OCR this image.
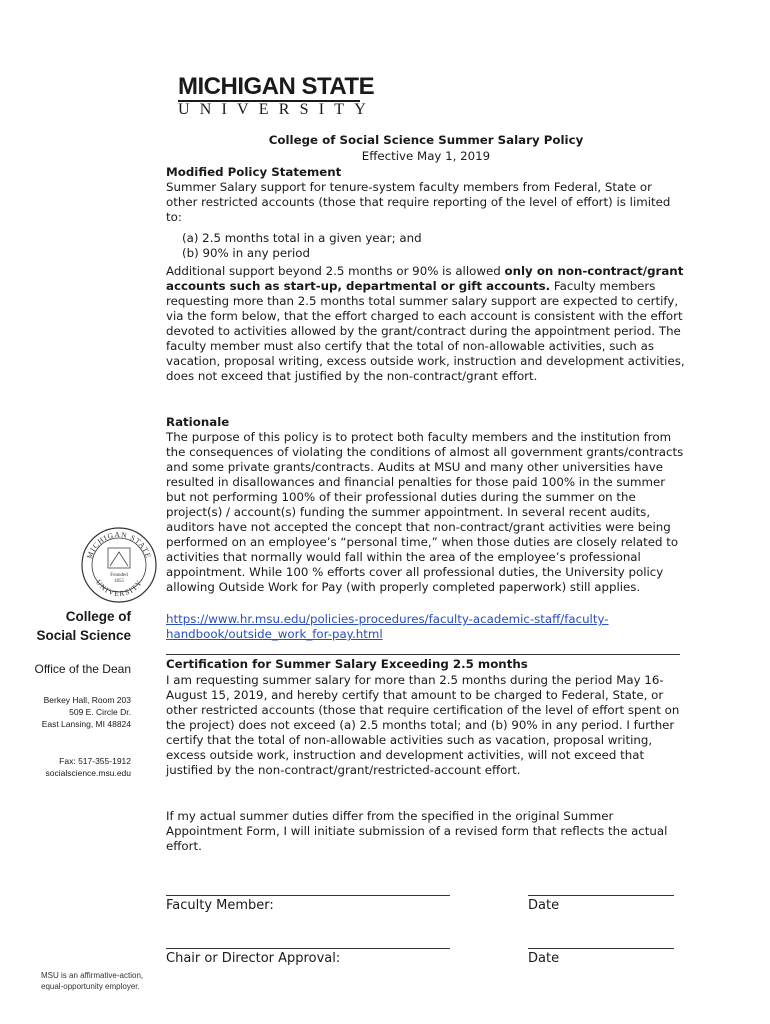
MICHIGAN STATE
UNIVERSITY
MICHIGAN STATE
UNIVERSITY
Founded
1855
College of
Social Science
Office of the Dean
Berkey Hall, Room 203
509 E. Circle Dr.
East Lansing, MI 48824
Fax: 517-355-1912
socialscience.msu.edu
MSU is an affirmative-action,
equal-opportunity employer.
College of Social Science Summer Salary Policy
Effective May 1, 2019
Modified Policy Statement

Summer Salary support for tenure-system faculty members from Federal, State or other restricted accounts (those that require reporting of the level of effort) is limited to:

(a) 2.5 months total in a given year; and
(b) 90% in any period

Additional support beyond 2.5 months or 90% is allowed only on non-contract/grant accounts such as start-up, departmental or gift accounts. Faculty members requesting more than 2.5 months total summer salary support are expected to certify, via the form below, that the effort charged to each account is consistent with the effort devoted to activities allowed by the grant/contract during the appointment period. The faculty member must also certify that the total of non-allowable activities, such as vacation, proposal writing, excess outside work, instruction and development activities, does not exceed that justified by the non-contract/grant effort.

Rationale

The purpose of this policy is to protect both faculty members and the institution from the consequences of violating the conditions of almost all government grants/contracts and some private grants/contracts. Audits at MSU and many other universities have resulted in disallowances and financial penalties for those paid 100% in the summer but not performing 100% of their professional duties during the summer on the project(s) / account(s) funding the summer appointment. In several recent audits, auditors have not accepted the concept that non-contract/grant activities were being performed on an employee’s “personal time,” when those duties are closely related to activities that normally would fall within the area of the employee’s professional appointment. While 100 % efforts cover all professional duties, the University policy allowing Outside Work for Pay (with properly completed paperwork) still applies.

https://www.hr.msu.edu/policies-procedures/faculty-academic-staff/faculty-
handbook/outside_work_for-pay.html
Certification for Summer Salary Exceeding 2.5 months

I am requesting summer salary for more than 2.5 months during the period May 16-August 15, 2019, and hereby certify that amount to be charged to Federal, State, or other restricted accounts (those that require certification of the level of effort spent on the project) does not exceed (a) 2.5 months total; and (b) 90% in any period. I further certify that the total of non-allowable activities such as vacation, proposal writing, excess outside work, instruction and development activities, will not exceed that justified by the non-contract/grant/restricted-account effort.

If my actual summer duties differ from the specified in the original Summer Appointment Form, I will initiate submission of a revised form that reflects the actual effort.

Faculty Member:	Date
Chair or Director Approval:	Date
